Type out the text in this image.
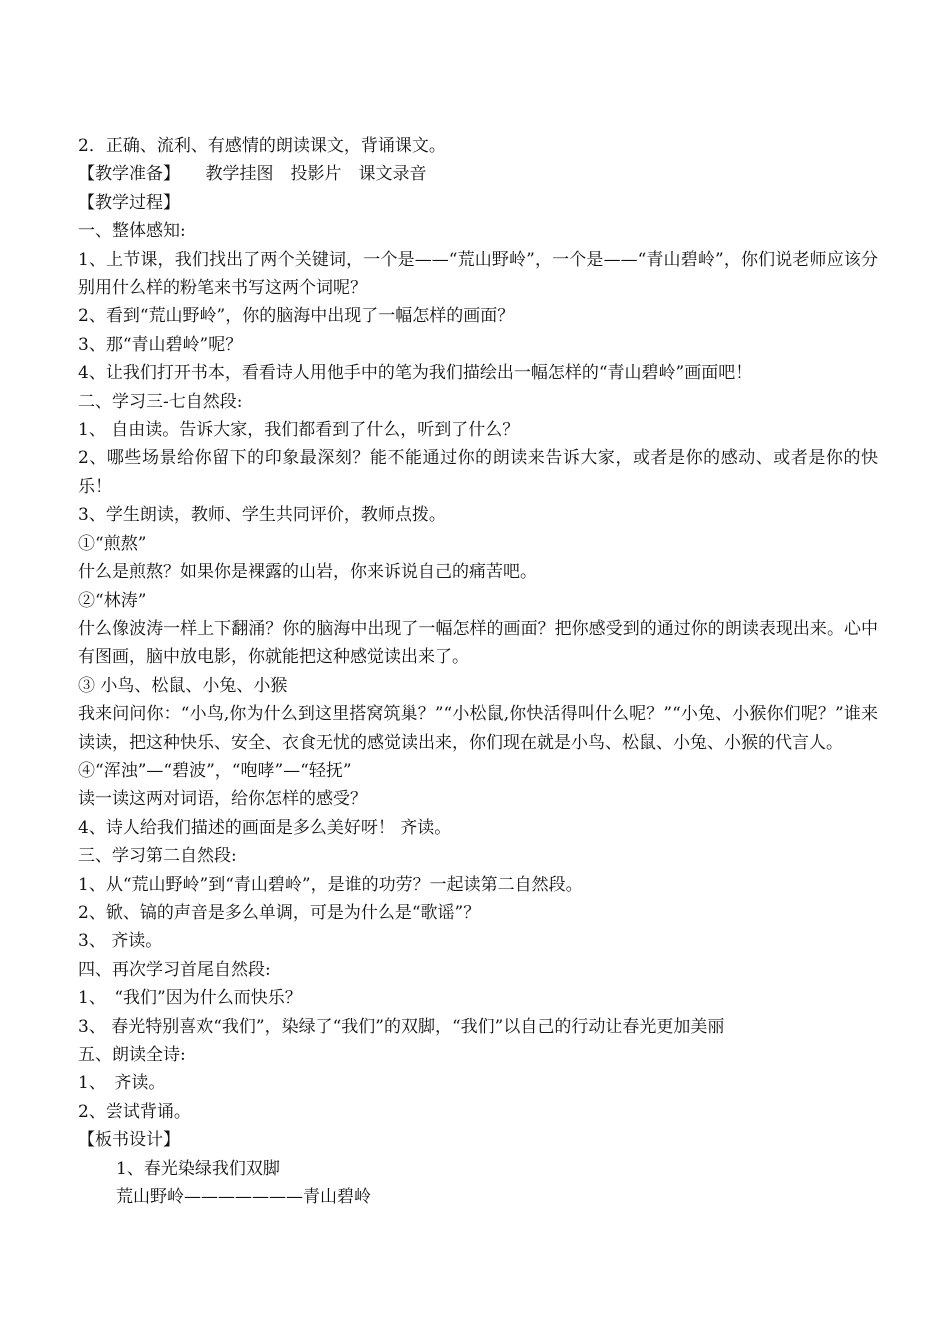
2．正确、流利、有感情的朗读课文，背诵课文。
【教学准备】　　教学挂图　投影片　课文录音
【教学过程】
一、整体感知:
1、上节课，我们找出了两个关键词，一个是——“荒山野岭”，一个是——“青山碧岭”，你们说老师应该分别用什么样的粉笔来书写这两个词呢？
2、看到“荒山野岭”，你的脑海中出现了一幅怎样的画面？
3、那“青山碧岭”呢？
4、让我们打开书本，看看诗人用他手中的笔为我们描绘出一幅怎样的“青山碧岭”画面吧！
二、学习三-七自然段:
1、 自由读。告诉大家，我们都看到了什么，听到了什么？
2、哪些场景给你留下的印象最深刻？能不能通过你的朗读来告诉大家，或者是你的感动、或者是你的快乐！
3、学生朗读，教师、学生共同评价，教师点拨。
①“煎熬”
什么是煎熬？如果你是裸露的山岩，你来诉说自己的痛苦吧。
②“林涛”
什么像波涛一样上下翻涌？你的脑海中出现了一幅怎样的画面？把你感受到的通过你的朗读表现出来。心中有图画，脑中放电影，你就能把这种感觉读出来了。
③ 小鸟、松鼠、小兔、小猴
我来问问你：“小鸟,你为什么到这里搭窝筑巢？”“小松鼠,你快活得叫什么呢？”“小兔、小猴你们呢？”谁来读读，把这种快乐、安全、衣食无忧的感觉读出来，你们现在就是小鸟、松鼠、小兔、小猴的代言人。
④“浑浊”—“碧波”，“咆哮”—“轻抚”
读一读这两对词语，给你怎样的感受？
4、诗人给我们描述的画面是多么美好呀！ 齐读。
三、学习第二自然段:
1、从“荒山野岭”到“青山碧岭”，是谁的功劳？一起读第二自然段。
2、锨、镐的声音是多么单调，可是为什么是“歌谣”？
3、 齐读。
四、再次学习首尾自然段:
1、　“我们”因为什么而快乐？
3、 春光特别喜欢“我们”，染绿了“我们”的双脚，“我们”以自己的行动让春光更加美丽
五、朗读全诗:
1、　齐读。
2、尝试背诵。
【板书设计】
1、春光染绿我们双脚
荒山野岭———————青山碧岭
